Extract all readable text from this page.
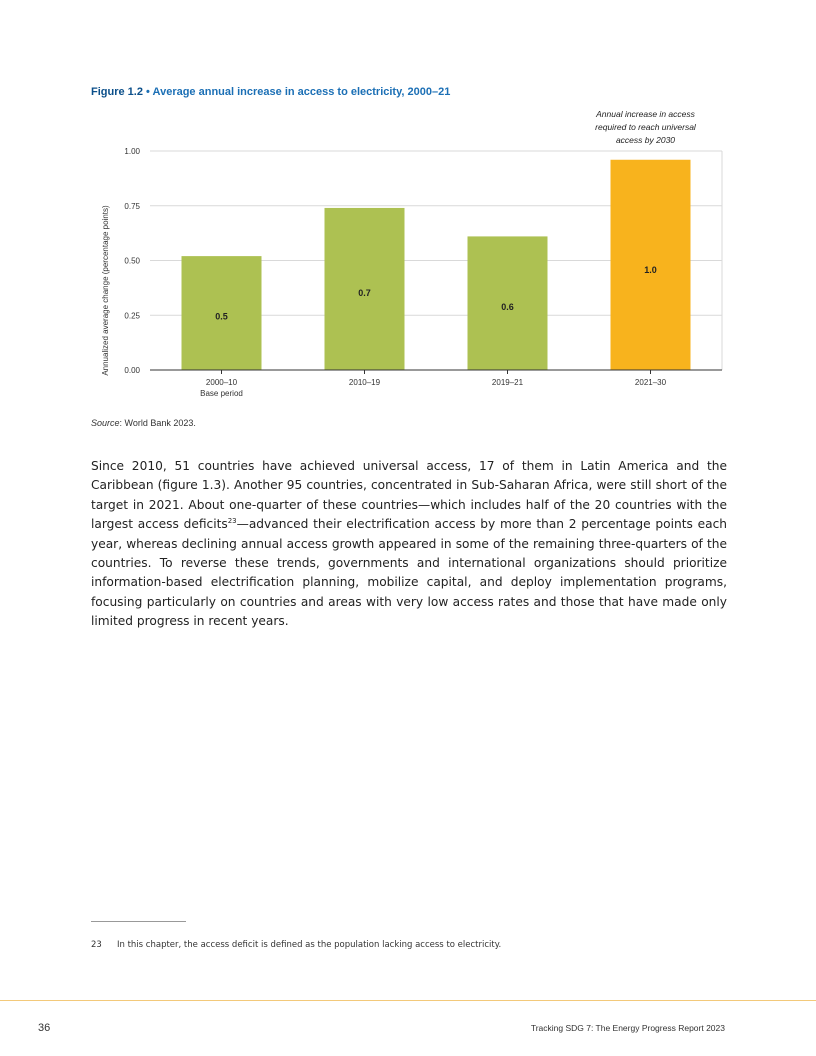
Figure 1.2 • Average annual increase in access to electricity, 2000–21
0.00
0.25
0.50
0.75
1.00
Annualized average change (percentage points)	0.5
0.7
0.6
1.0
2000–10
Base period
2010–19	2019–21	2021–30
Annual increase in access
required to reach universal
access by 2030
Source: World Bank 2023.

Since 2010, 51 countries have achieved universal access, 17 of them in Latin America and the Caribbean (figure 1.3). Another 95 countries, concentrated in Sub-Saharan Africa, were still short of the target in 2021. About one-quarter of these countries—which includes half of the 20 countries with the largest access deficits$^{23}$—advanced their electrification access by more than 2 percentage points each year, whereas declining annual access growth appeared in some of the remaining three-quarters of the countries. To reverse these trends, governments and international organizations should prioritize information-based electrification planning, mobilize capital, and deploy implementation programs, focusing particularly on countries and areas with very low access rates and those that have made only limited progress in recent years.

23 In this chapter, the access deficit is defined as the population lacking access to electricity.
36	Tracking SDG 7: The Energy Progress Report 2023
